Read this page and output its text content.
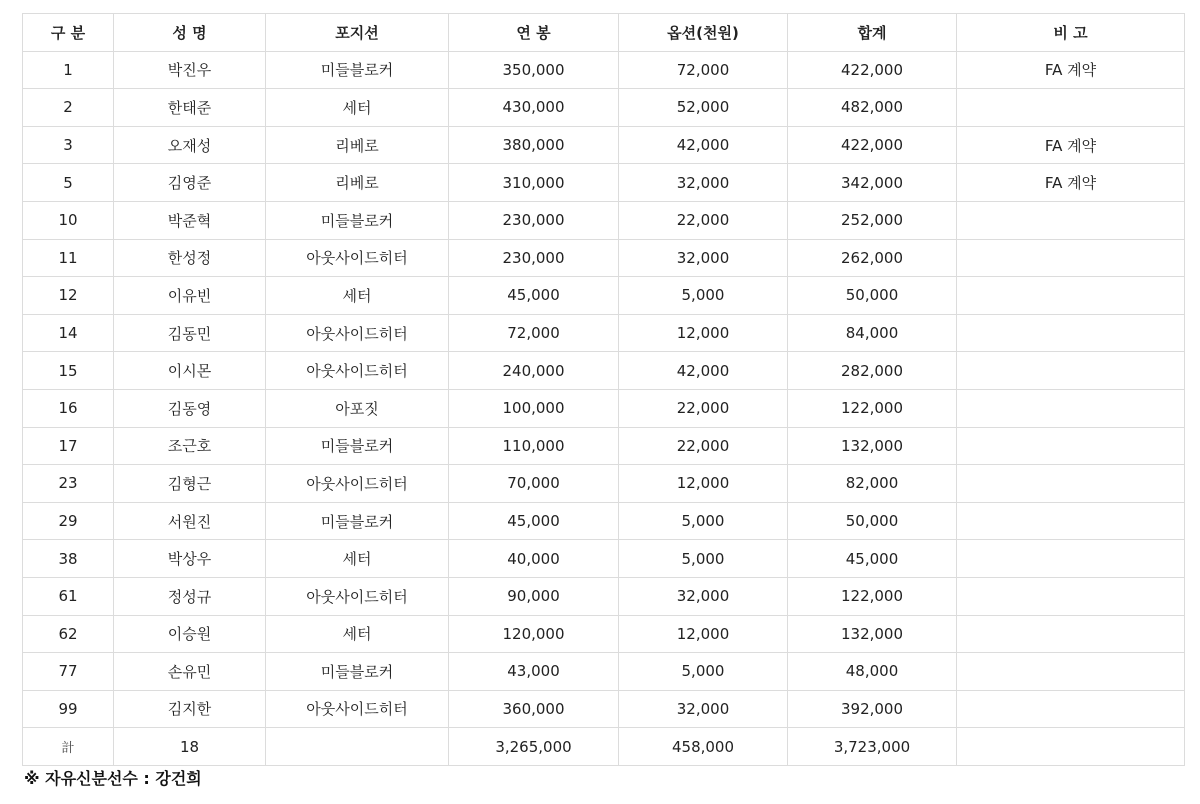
구 분	성 명	포지션	연 봉	옵션(천원)	합계	비 고
1	박진우	미들블로커	350,000	72,000	422,000	FA 계약
2	한태준	세터	430,000	52,000	482,000	
3	오재성	리베로	380,000	42,000	422,000	FA 계약
5	김영준	리베로	310,000	32,000	342,000	FA 계약
10	박준혁	미들블로커	230,000	22,000	252,000	
11	한성정	아웃사이드히터	230,000	32,000	262,000	
12	이유빈	세터	45,000	5,000	50,000	
14	김동민	아웃사이드히터	72,000	12,000	84,000	
15	이시몬	아웃사이드히터	240,000	42,000	282,000	
16	김동영	아포짓	100,000	22,000	122,000	
17	조근호	미들블로커	110,000	22,000	132,000	
23	김형근	아웃사이드히터	70,000	12,000	82,000	
29	서원진	미들블로커	45,000	5,000	50,000	
38	박상우	세터	40,000	5,000	45,000	
61	정성규	아웃사이드히터	90,000	32,000	122,000	
62	이승원	세터	120,000	12,000	132,000	
77	손유민	미들블로커	43,000	5,000	48,000	
99	김지한	아웃사이드히터	360,000	32,000	392,000	
計	18		3,265,000	458,000	3,723,000	
※ 자유신분선수 : 강건희
